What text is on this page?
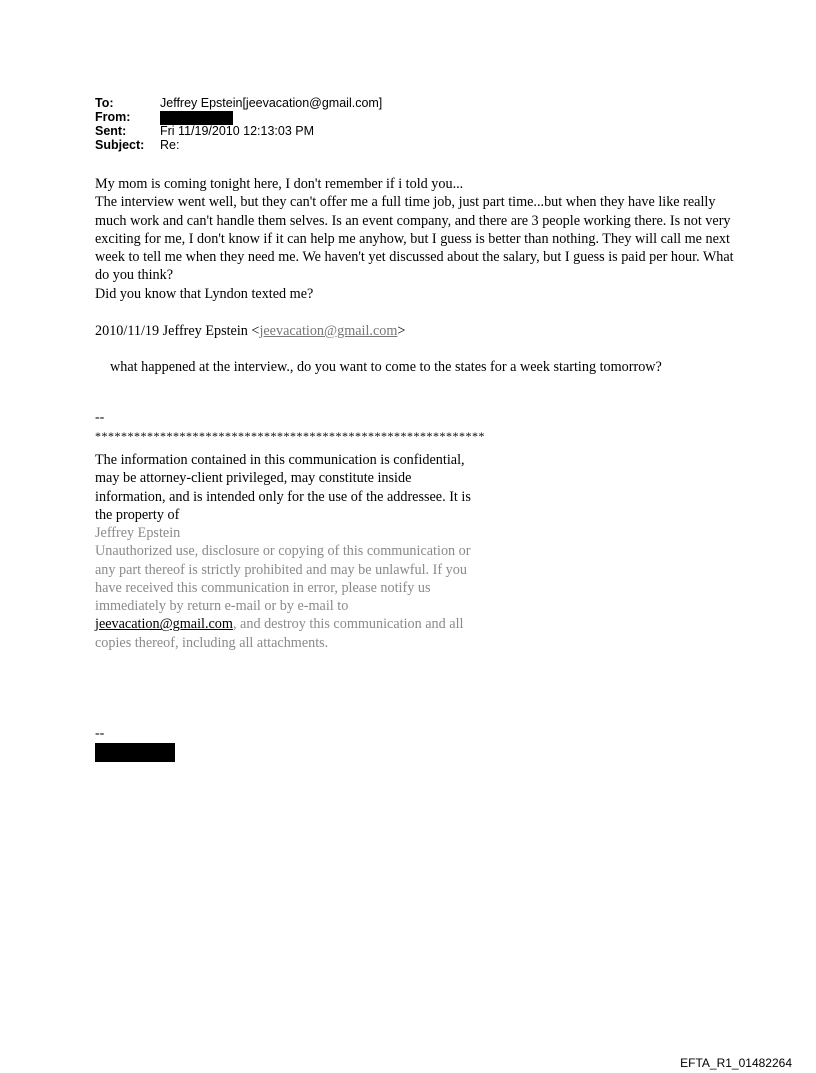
To:	Jeffrey Epstein[jeevacation@gmail.com]
From:
Sent:	Fri 11/19/2010 12:13:03 PM
Subject: Re:

My mom is coming tonight here, I don't remember if i told you...

The interview went well, but they can't offer me a full time job, just part time...but when they have like really much work and can't handle them selves. Is an event company, and there are 3 people working there. Is not very exciting for me, I don't know if it can help me anyhow, but I guess is better than nothing. They will call me next week to tell me when they need me. We haven't yet discussed about the salary, but I guess is paid per hour. What do you think?

Did you know that Lyndon texted me?

2010/11/19 Jeffrey Epstein <jeevacation@gmail.com>
what happened at the interview., do you want to come to the states for a week starting tomorrow?
--
************************************************************
The information contained in this communication is confidential, may be attorney-client privileged, may constitute inside information, and is intended only for the use of the addressee. It is the property of
Jeffrey Epstein
Unauthorized use, disclosure or copying of this communication or any part thereof is strictly prohibited and may be unlawful. If you have received this communication in error, please notify us immediately by return e-mail or by e-mail to jeevacation@gmail.com, and destroy this communication and all copies thereof, including all attachments.
--
EFTA_R1_01482264
